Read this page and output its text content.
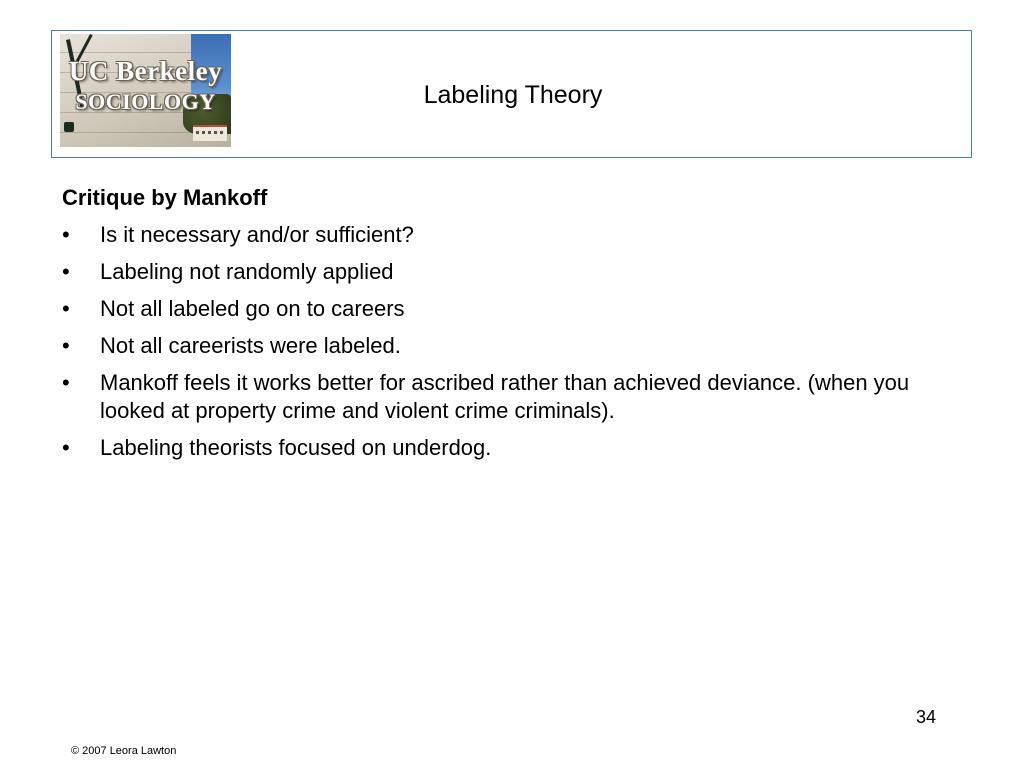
UC Berkeley
SOCIOLOGY	Labeling Theory
Critique by Mankoff
• Is it necessary and/or sufficient?
• Labeling not randomly applied
• Not all labeled go on to careers
• Not all careerists were labeled.
• Mankoff feels it works better for ascribed rather than achieved deviance. (when you looked at property crime and violent crime criminals).
• Labeling theorists focused on underdog.
34
© 2007 Leora Lawton
